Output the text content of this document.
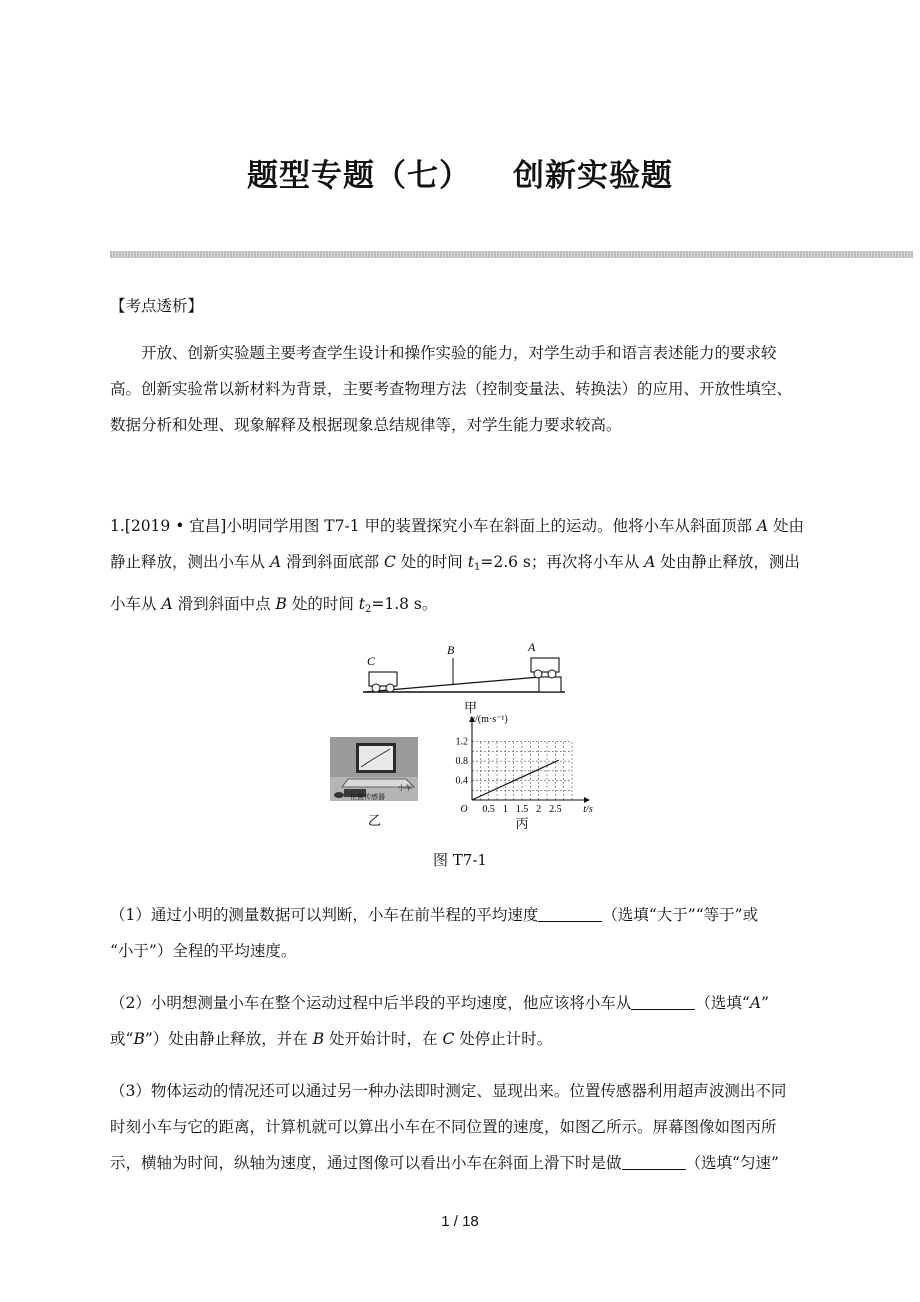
题型专题（七） 创新实验题
【考点透析】

开放、创新实验题主要考查学生设计和操作实验的能力，对学生动手和语言表述能力的要求较

高。创新实验常以新材料为背景，主要考查物理方法（控制变量法、转换法）的应用、开放性填空、

数据分析和处理、现象解释及根据现象总结规律等，对学生能力要求较高。

1.[2019 • 宜昌]小明同学用图 T7-1 甲的装置探究小车在斜面上的运动。他将小车从斜面顶部 A 处由

静止释放，测出小车从 A 滑到斜面底部 C 处的时间 $t_1=2.6$ s；再次将小车从 A 处由静止释放，测出

小车从 A 滑到斜面中点 B 处的时间 $t_2=1.8$ s。

C
B	A
甲
位置传感器
小车
乙
0.5 1 1.5 2 2.5
0.4
0.8
1.2
O	t/s
v/(m·s⁻¹)
丙
图 T7-1

（1）通过小明的测量数据可以判断，小车在前半程的平均速度	（选填“大于”“等于”或

“小于”）全程的平均速度。

（2）小明想测量小车在整个运动过程中后半段的平均速度，他应该将小车从	（选填“A”

或“B”）处由静止释放，并在 B 处开始计时，在 C 处停止计时。

（3）物体运动的情况还可以通过另一种办法即时测定、显现出来。位置传感器利用超声波测出不同

时刻小车与它的距离，计算机就可以算出小车在不同位置的速度，如图乙所示。屏幕图像如图丙所

示，横轴为时间，纵轴为速度，通过图像可以看出小车在斜面上滑下时是做	（选填“匀速”

1 / 18
